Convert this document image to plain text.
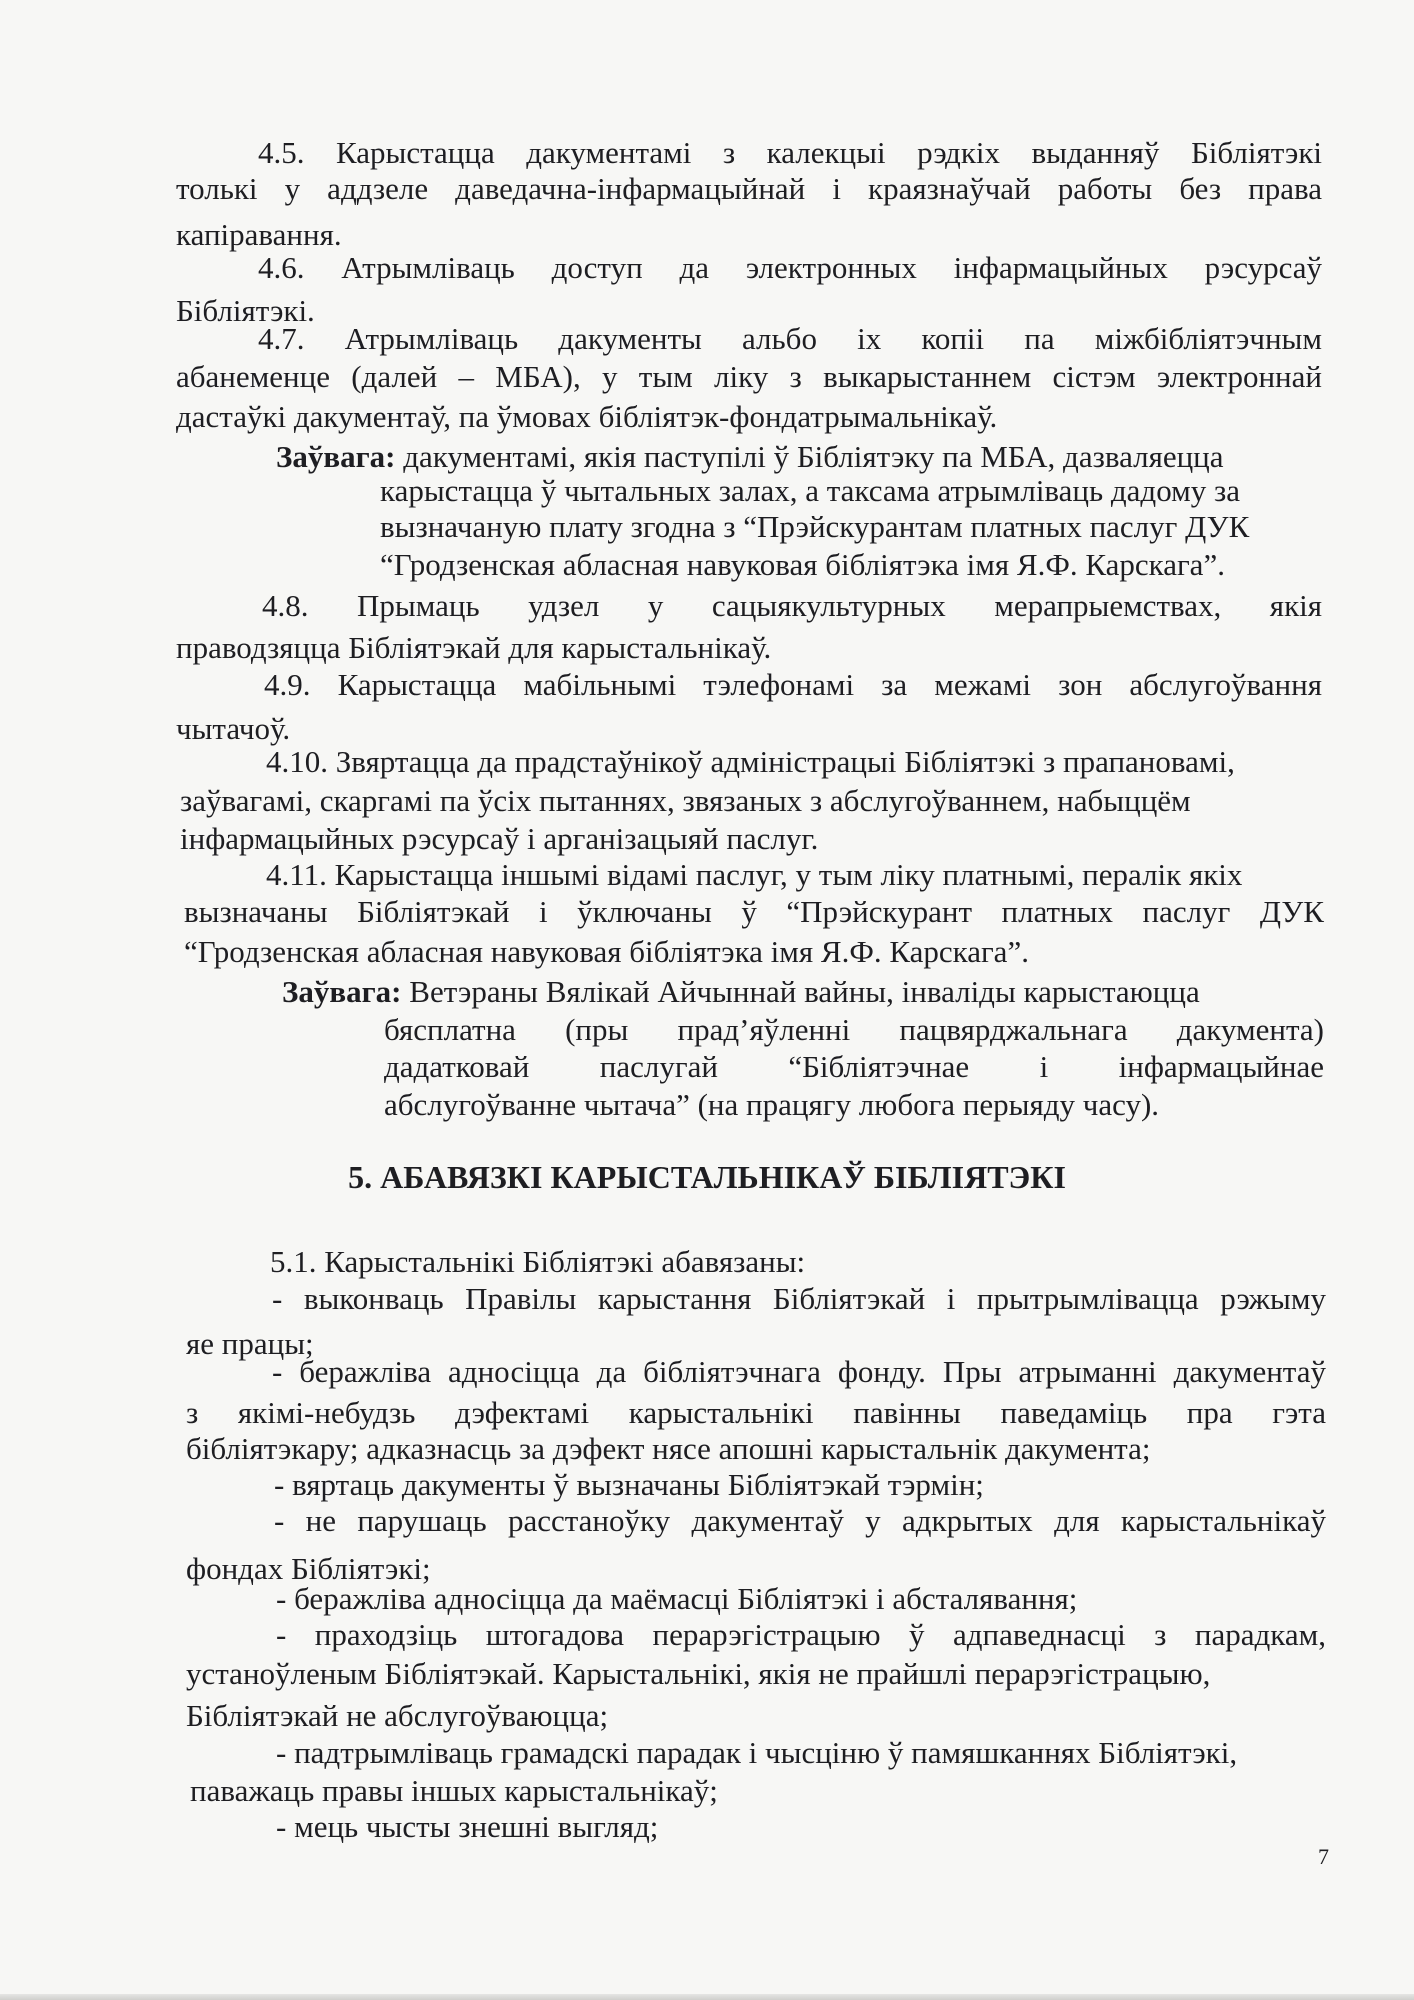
4.5. Карыстацца дакументамі з калекцыі рэдкіх выданняў Бібліятэкі
толькі у аддзеле даведачна-інфармацыйнай і краязнаўчай работы без права
капіравання.
4.6. Атрымліваць доступ да электронных інфармацыйных рэсурсаў
Бібліятэкі.
4.7. Атрымліваць дакументы альбо іх копіі па міжбібліятэчным
абанеменце (далей – МБА), у тым ліку з выкарыстаннем сістэм электроннай
дастаўкі дакументаў, па ўмовах бібліятэк-фондатрымальнікаў.
Заўвага: дакументамі, якія паступілі ў Бібліятэку па МБА, дазваляецца
карыстацца ў чытальных залах, а таксама атрымліваць дадому за
вызначаную плату згодна з “Прэйскурантам платных паслуг ДУК
“Гродзенская абласная навуковая бібліятэка імя Я.Ф. Карскага”.
4.8. Прымаць удзел у сацыякультурных мерапрыемствах, якія
праводзяцца Бібліятэкай для карыстальнікаў.
4.9. Карыстацца мабільнымі тэлефонамі за межамі зон абслугоўвання
чытачоў.
4.10. Звяртацца да прадстаўнікоў адміністрацыі Бібліятэкі з прапановамі,
заўвагамі, скаргамі па ўсіх пытаннях, звязаных з абслугоўваннем, набыццём
інфармацыйных рэсурсаў і арганізацыяй паслуг.
4.11. Карыстацца іншымі відамі паслуг, у тым ліку платнымі, пералік якіх
вызначаны Бібліятэкай і ўключаны ў “Прэйскурант платных паслуг ДУК
“Гродзенская абласная навуковая бібліятэка імя Я.Ф. Карскага”.
Заўвага: Ветэраны Вялікай Айчыннай вайны, інваліды карыстаюцца
бясплатна (пры прад’яўленні пацвярджальнага дакумента)
дадатковай паслугай “Бібліятэчнае і інфармацыйнае
абслугоўванне чытача” (на працягу любога перыяду часу).
5. АБАВЯЗКІ КАРЫСТАЛЬНІКАЎ БІБЛІЯТЭКІ
5.1. Карыстальнікі Бібліятэкі абавязаны:
- выконваць Правілы карыстання Бібліятэкай і прытрымлівацца рэжыму
яе працы;
- беражліва адносіцца да бібліятэчнага фонду. Пры атрыманні дакументаў
з якімі-небудзь дэфектамі карыстальнікі павінны паведаміць пра гэта
бібліятэкару; адказнасць за дэфект нясе апошні карыстальнік дакумента;
- вяртаць дакументы ў вызначаны Бібліятэкай тэрмін;
- не парушаць расстаноўку дакументаў у адкрытых для карыстальнікаў
фондах Бібліятэкі;
- беражліва адносіцца да маёмасці Бібліятэкі і абсталявання;
- праходзіць штогадова перарэгістрацыю ў адпаведнасці з парадкам,
устаноўленым Бібліятэкай. Карыстальнікі, якія не прайшлі перарэгістрацыю,
Бібліятэкай не абслугоўваюцца;
- падтрымліваць грамадскі парадак і чысціню ў памяшканнях Бібліятэкі,
паважаць правы іншых карыстальнікаў;
- мець чысты знешні выгляд;
7
